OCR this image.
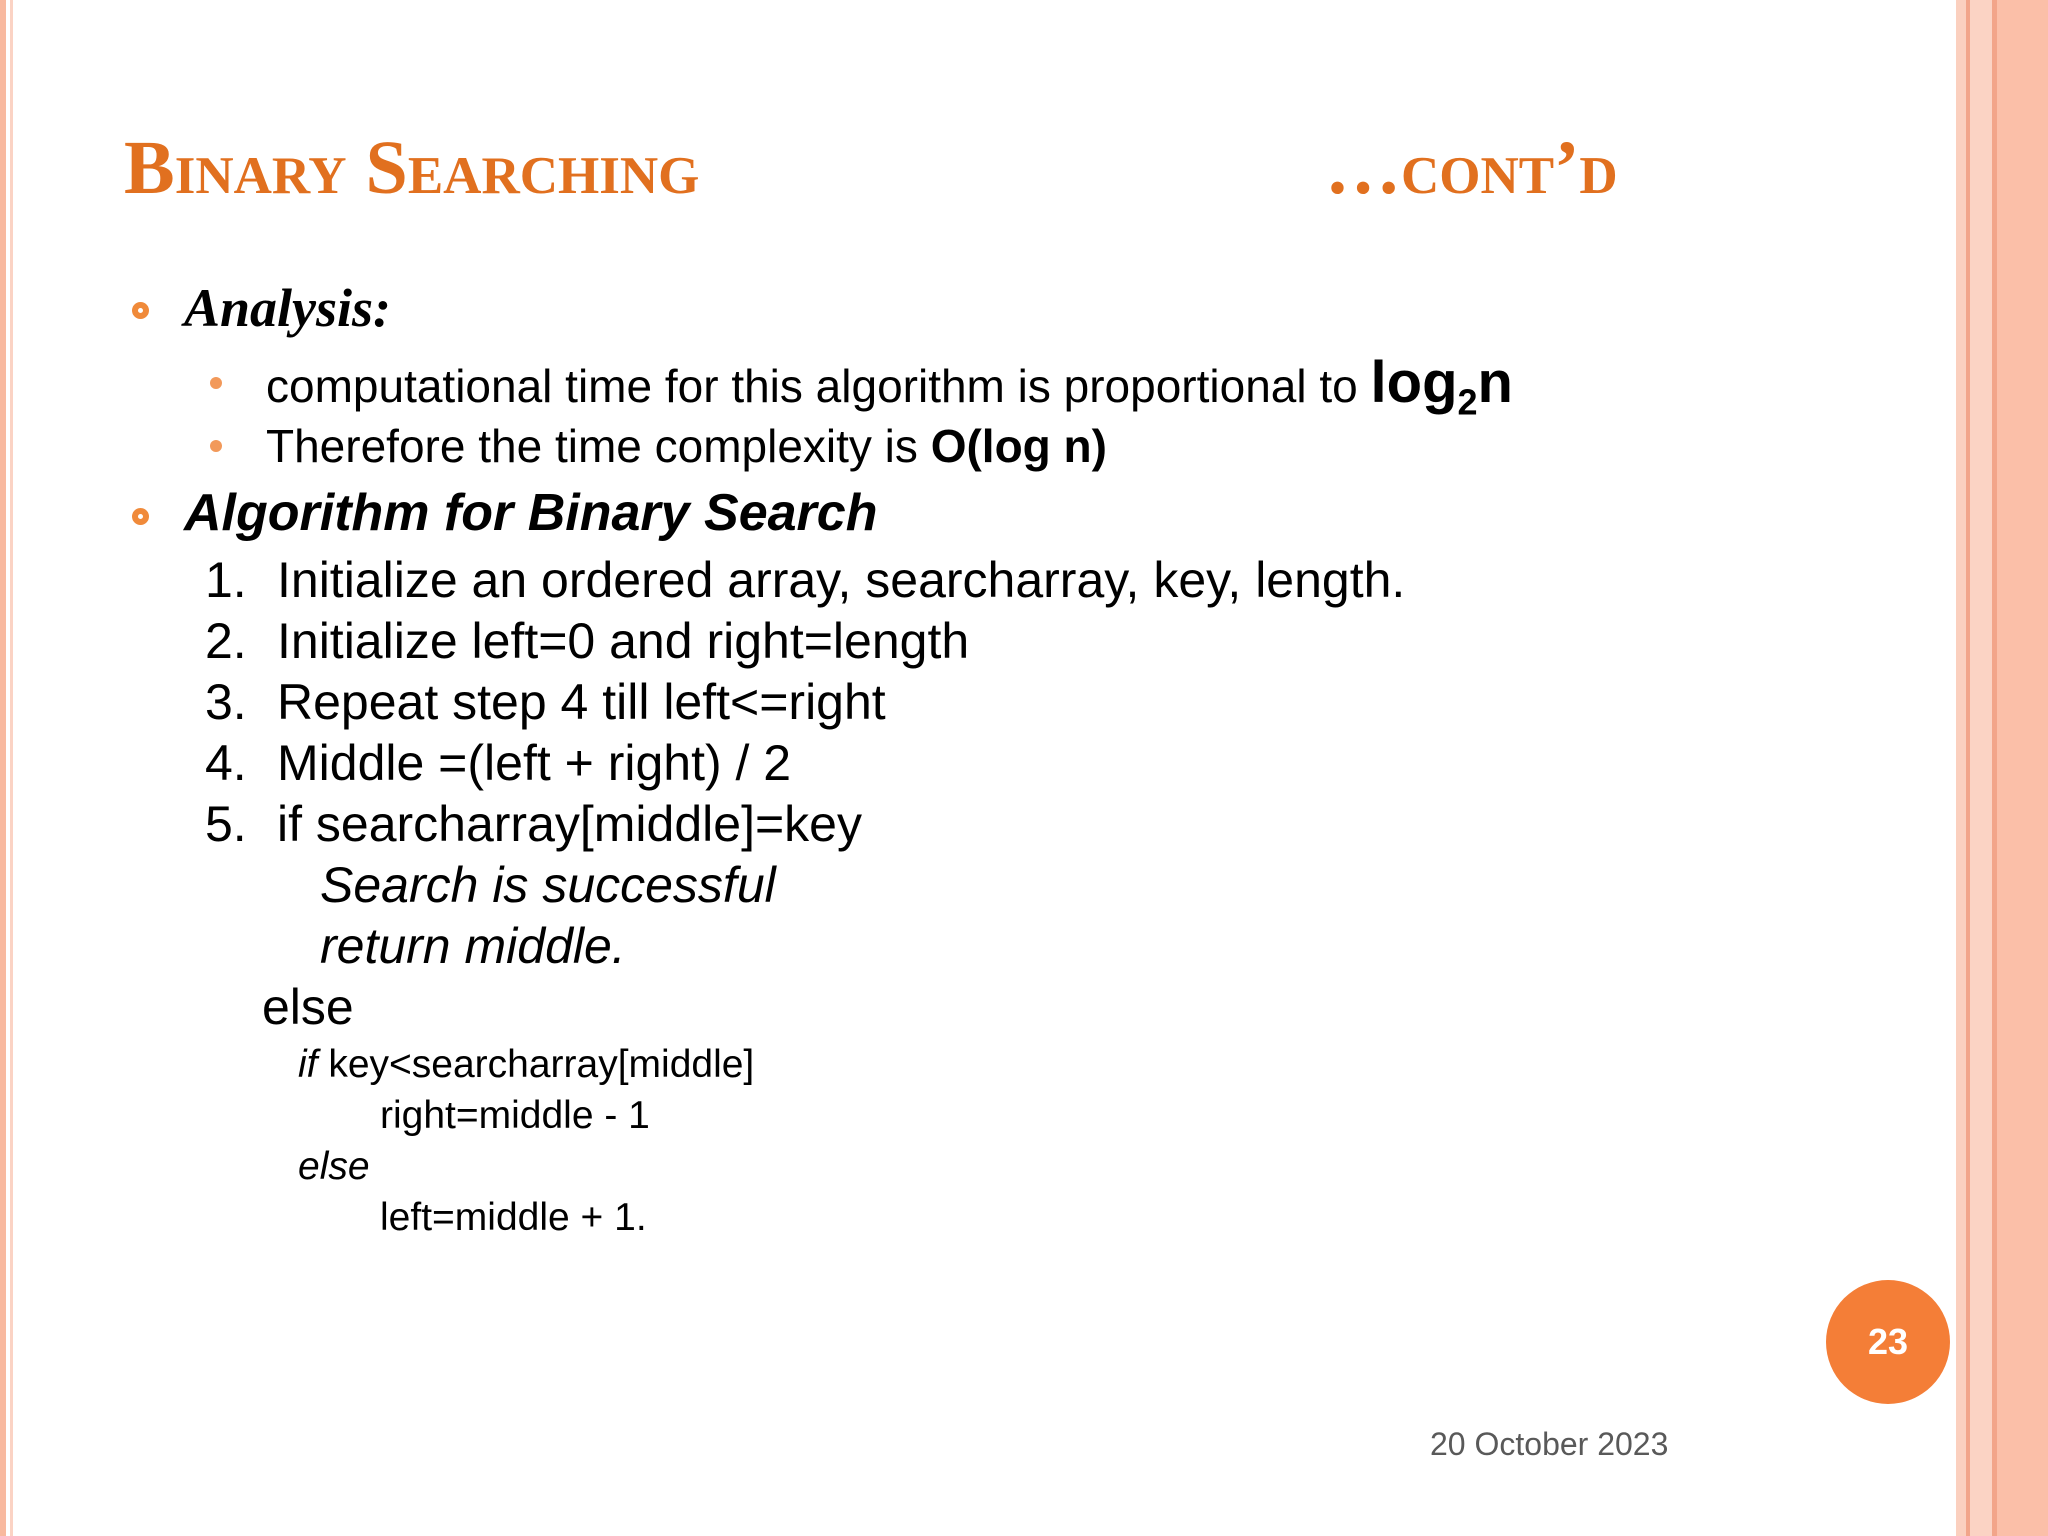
Binary Searching	…cont’d
Analysis:
computational time for this algorithm is proportional to $\log_2n$
Therefore the time complexity is O(log n)
Algorithm for Binary Search
1. Initialize an ordered array, searcharray, key, length.
2. Initialize left=0 and right=length
3. Repeat step 4 till left<=right
4. Middle =(left + right) / 2
5. if searcharray[middle]=key
Search is successful
return middle.
else
if key<searcharray[middle]
right=middle - 1
else
left=middle + 1.
23
20 October 2023
